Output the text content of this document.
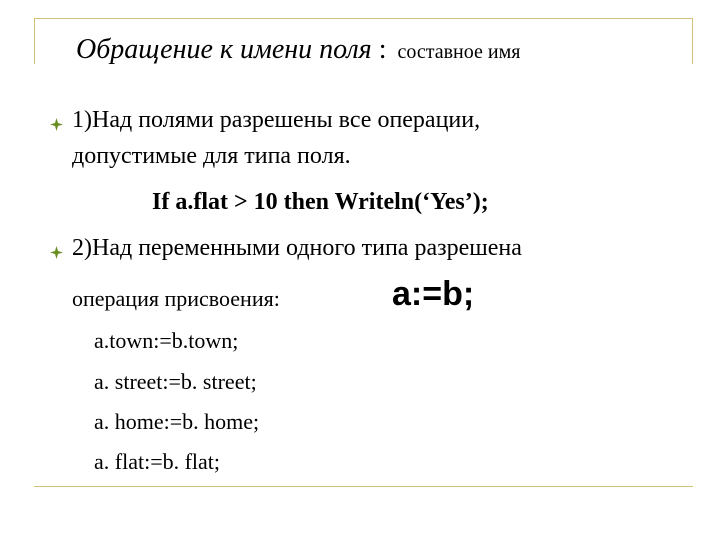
Обращение к имени поля : составное имя
1)Над полями разрешены все операции,
допустимые для типа поля.
If a.flat > 10 then Writeln(‘Yes’);
2)Над переменными одного типа разрешена
операция присвоения:	a:=b;
a.town:=b.town;
a. street:=b. street;
a. home:=b. home;
a. flat:=b. flat;
